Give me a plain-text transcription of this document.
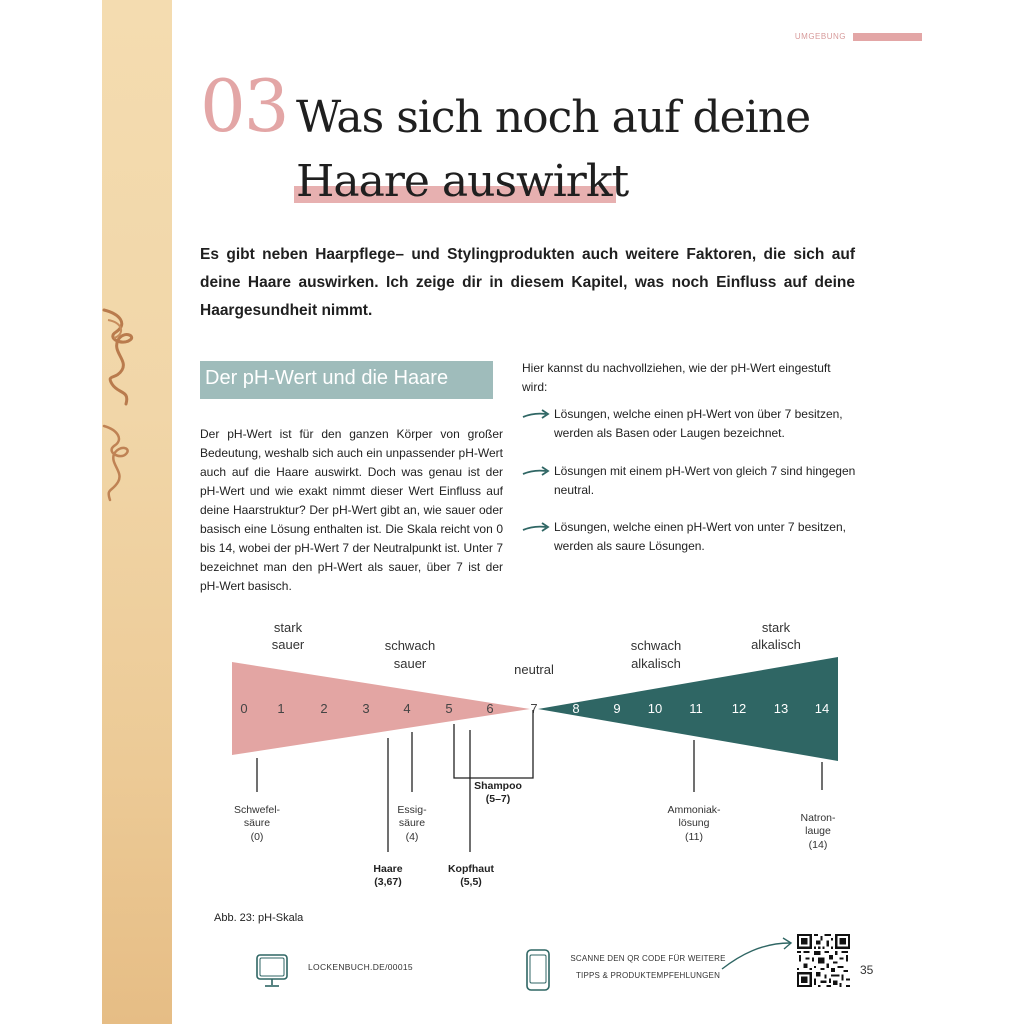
UMGEBUNG
03 Was sich noch auf deine
Haare auswirkt
Es gibt neben Haarpflege– und Stylingprodukten auch weitere Faktoren, die sich auf deine Haare auswirken. Ich zeige dir in diesem Kapitel, was noch Einfluss auf deine Haargesundheit nimmt.
Der pH-Wert und die Haare
Der pH-Wert ist für den ganzen Körper von großer Bedeutung, weshalb sich auch ein unpassender pH-Wert auch auf die Haare auswirkt. Doch was genau ist der pH-Wert und wie exakt nimmt dieser Wert Einfluss auf deine Haarstruktur? Der pH-Wert gibt an, wie sauer oder basisch eine Lösung enthalten ist. Die Skala reicht von 0 bis 14, wobei der pH-Wert 7 der Neutralpunkt ist. Unter 7 bezeichnet man den pH-Wert als sauer, über 7 ist der pH-Wert basisch.
Hier kannst du nachvollziehen, wie der pH-Wert eingestuft wird:
Lösungen, welche einen pH-Wert von über 7 besitzen, werden als Basen oder Laugen bezeichnet.
Lösungen mit einem pH-Wert von gleich 7 sind hingegen neutral.
Lösungen, welche einen pH-Wert von unter 7 besitzen, werden als saure Lösungen.
stark
sauer	schwach
sauer	neutral
schwach
alkalisch
stark
alkalisch
0 1	2	3	4	5	6	7	8	9 10 11 12 13 14
Schwefel-
säure
(0)
Essig-
säure
(4)
Haare
(3,67)
Shampoo
(5–7)
Kopfhaut
(5,5)
Ammoniak-
lösung
(11)
Natron-
lauge
(14)
Abb. 23: pH-Skala
LOCKENBUCH.DE/00015
SCANNE DEN QR CODE FÜR WEITERE
TIPPS & PRODUKTEMPFEHLUNGEN	35
